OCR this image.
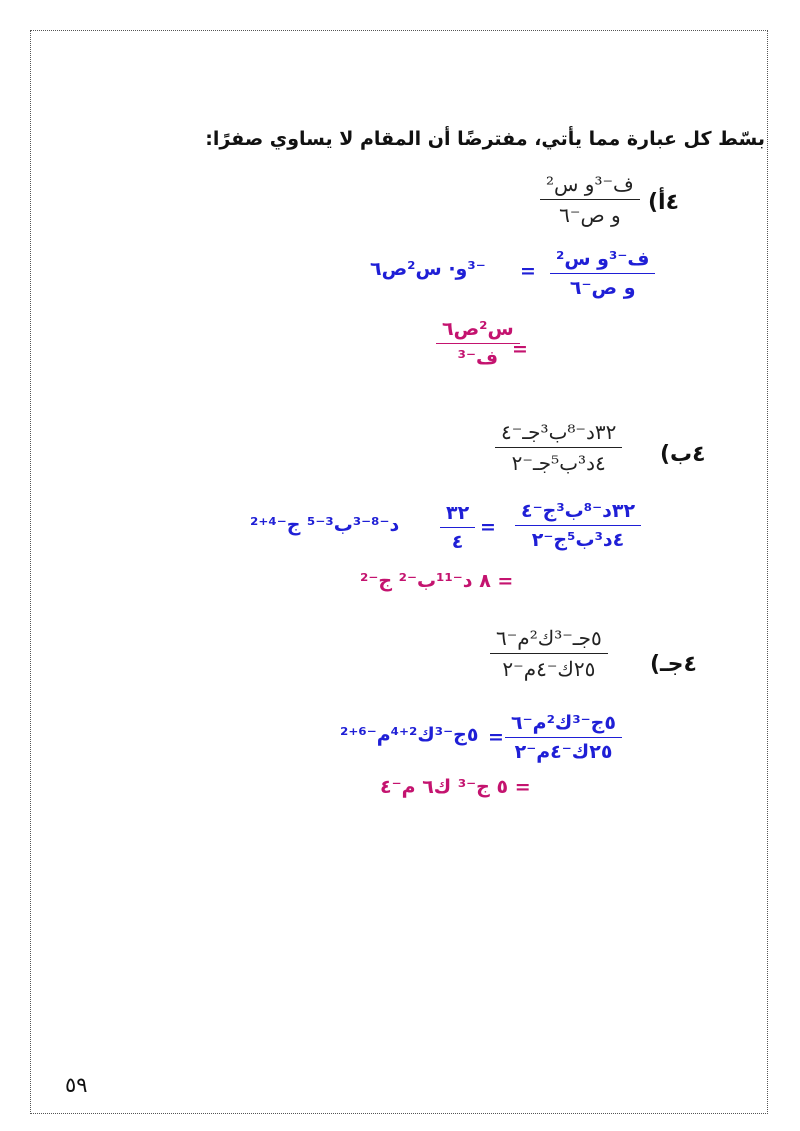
بسّط كل عبارة مما يأتي، مفترضًا أن المقام لا يساوي صفرًا:
٤أ)
ف⁻³و س²
و ص⁻٦
ف⁻³و س²
و ص⁻٦
=
⁻³و· س²ص٦
=
س²ص٦
ف⁻³
٤ب)
٣٢د⁻⁸ب³جـ⁻٤
٤د³ب⁵جـ⁻٢
٣٢د⁻⁸ب³ج⁻٤
٤د³ب⁵ج⁻٢
=
٣٢
٤
د⁻⁸⁻³ب³⁻⁵ ج⁻⁴⁺²
= ٨ د⁻¹¹ب⁻² ج⁻²
٤جـ)
٥جـ⁻³ك²م⁻٦
٢٥ك⁻٤م⁻٢
٥ج⁻³ك²م⁻٦
٢٥ك⁻٤م⁻٢
=
٥ج⁻³ك²⁺⁴م⁻⁶⁺²
= ٥ ج⁻³ ك٦ م⁻٤
٥٩
